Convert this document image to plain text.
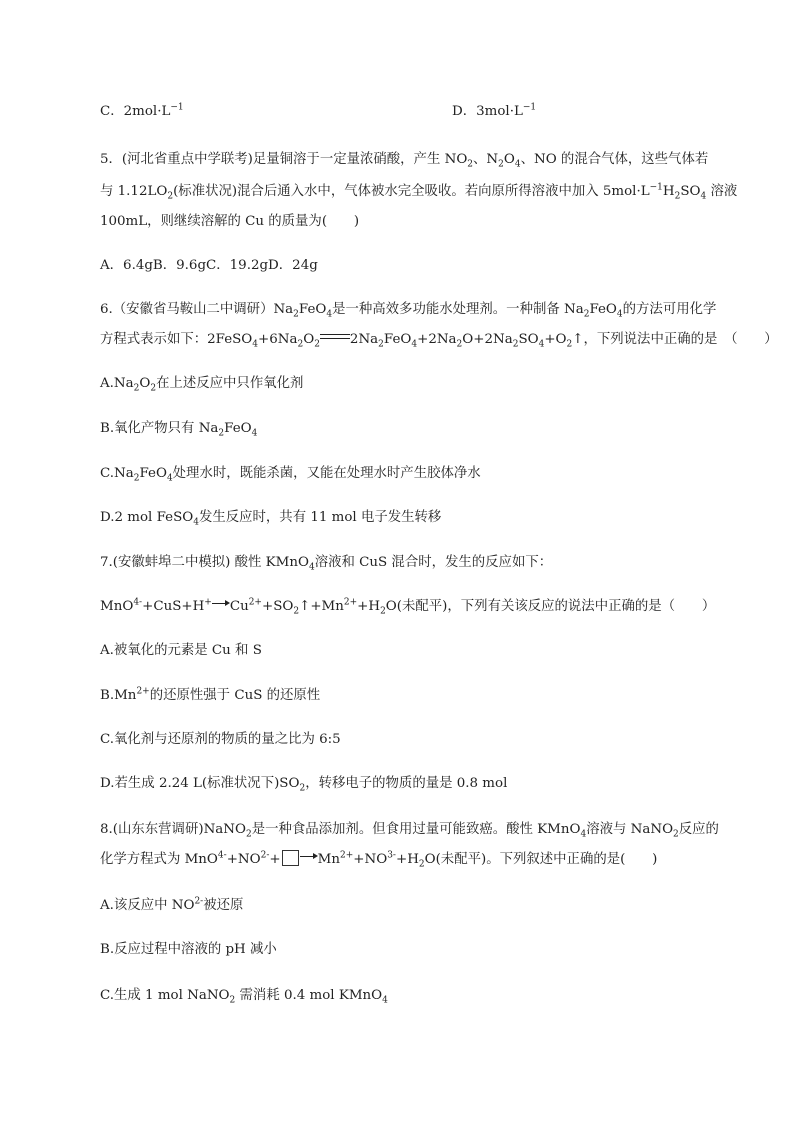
C．$2mol\cdot L^{-1}$	D．$3mol\cdot L^{-1}$
5．(河北省重点中学联考)足量铜溶于一定量浓硝酸，产生 $NO_2$、$N_2O_4$、NO 的混合气体，这些气体若
与 $1.12LO_2$(标准状况)混合后通入水中，气体被水完全吸收。若向原所得溶液中加入 $5mol\cdot L^{-1}H_2SO_4$ 溶液
100mL，则继续溶解的 Cu 的质量为(　　)
A．6.4gB．9.6gC．19.2gD．24g
6.（安徽省马鞍山二中调研）$Na_2FeO_4$是一种高效多功能水处理剂。一种制备 $Na_2FeO_4$的方法可用化学
方程式表示如下：$2FeSO_4+6Na_2O_2$ $2Na_2FeO_4+2Na_2O+2Na_2SO_4+O_2↑$，下列说法中正确的是　（　　）
$A.Na_2O_2$在上述反应中只作氧化剂
B.氧化产物只有 $Na_2FeO_4$
$C.Na_2FeO_4$处理水时，既能杀菌，又能在处理水时产生胶体净水
D.2 mol FeSO$_4$发生反应时，共有 11 mol 电子发生转移
7.(安徽蚌埠二中模拟) 酸性 KMnO$_4$溶液和 CuS 混合时，发生的反应如下：
MnO$^{4-}$+CuS+H+ $Cu^{2+}+SO_2↑+Mn^{2+}+H_2O$(未配平)，下列有关该反应的说法中正确的是（　　）
A.被氧化的元素是 Cu 和 S
$B.Mn^{2+}$的还原性强于 CuS 的还原性
C.氧化剂与还原剂的物质的量之比为 6:5
D.若生成 2.24 L(标准状况下)$SO_2$，转移电子的物质的量是 0.8 mol
8.(山东东营调研)NaNO$_2$是一种食品添加剂。但食用过量可能致癌。酸性 KMnO$_4$溶液与 NaNO$_2$反应的
化学方程式为 $MnO^{4-}+NO^{2-}+$	$Mn^{2+}+NO^{3-}+H_2O$(未配平)。下列叙述中正确的是(　　)
A.该反应中 $NO^{2-}$被还原
B.反应过程中溶液的 pH 减小
C.生成 1 mol NaNO$_2$ 需消耗 0.4 mol KMnO$_4$
